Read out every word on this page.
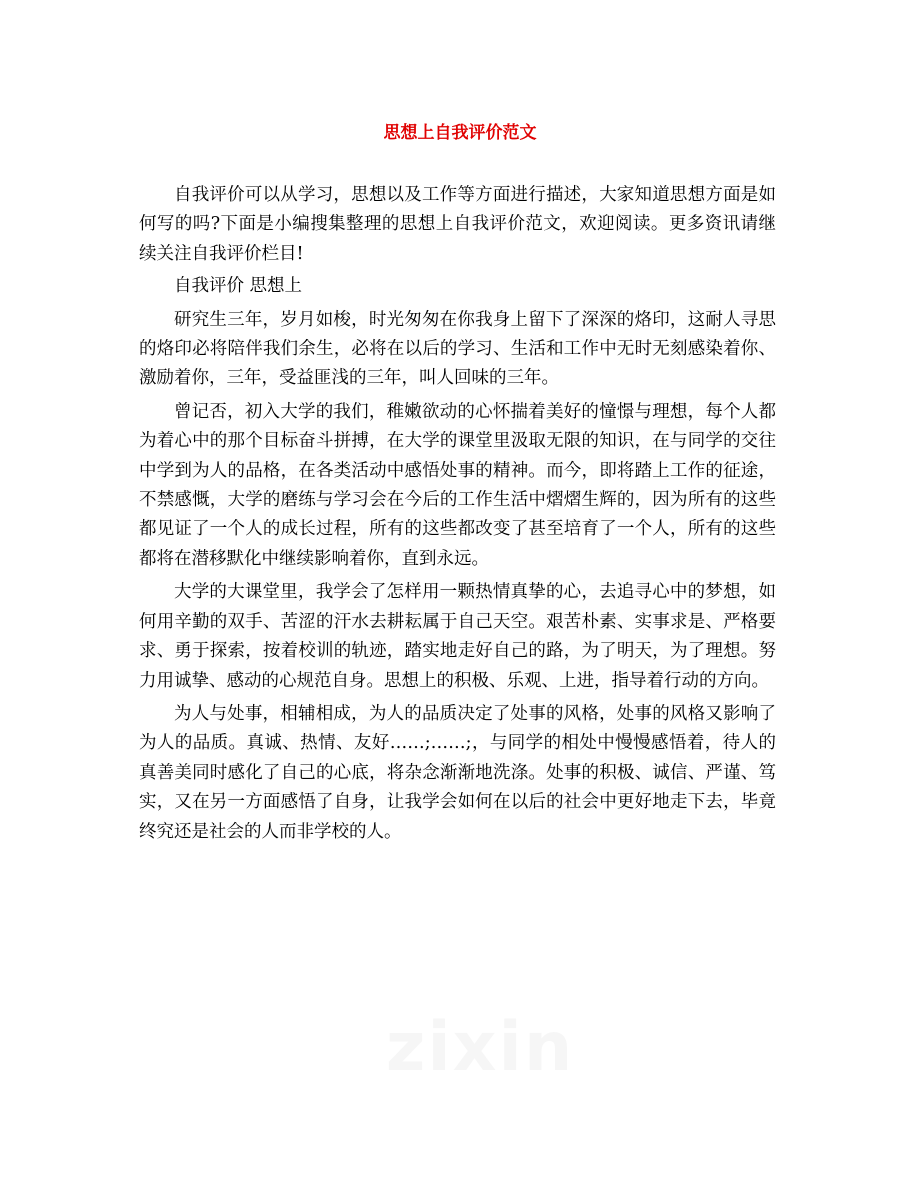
思想上自我评价范文

自我评价可以从学习，思想以及工作等方面进行描述，大家知道思想方面是如何写的吗?下面是小编搜集整理的思想上自我评价范文，欢迎阅读。更多资讯请继续关注自我评价栏目!

自我评价 思想上

研究生三年，岁月如梭，时光匆匆在你我身上留下了深深的烙印，这耐人寻思的烙印必将陪伴我们余生，必将在以后的学习、生活和工作中无时无刻感染着你、激励着你，三年，受益匪浅的三年，叫人回味的三年。

曾记否，初入大学的我们，稚嫩欲动的心怀揣着美好的憧憬与理想，每个人都为着心中的那个目标奋斗拼搏，在大学的课堂里汲取无限的知识，在与同学的交往中学到为人的品格，在各类活动中感悟处事的精神。而今，即将踏上工作的征途，不禁感慨，大学的磨练与学习会在今后的工作生活中熠熠生辉的，因为所有的这些都见证了一个人的成长过程，所有的这些都改变了甚至培育了一个人，所有的这些都将在潜移默化中继续影响着你，直到永远。

大学的大课堂里，我学会了怎样用一颗热情真挚的心，去追寻心中的梦想，如何用辛勤的双手、苦涩的汗水去耕耘属于自己天空。艰苦朴素、实事求是、严格要求、勇于探索，按着校训的轨迹，踏实地走好自己的路，为了明天，为了理想。努力用诚挚、感动的心规范自身。思想上的积极、乐观、上进，指导着行动的方向。

为人与处事，相辅相成，为人的品质决定了处事的风格，处事的风格又影响了为人的品质。真诚、热情、友好……;……;，与同学的相处中慢慢感悟着，待人的真善美同时感化了自己的心底，将杂念渐渐地洗涤。处事的积极、诚信、严谨、笃实，又在另一方面感悟了自身，让我学会如何在以后的社会中更好地走下去，毕竟终究还是社会的人而非学校的人。
